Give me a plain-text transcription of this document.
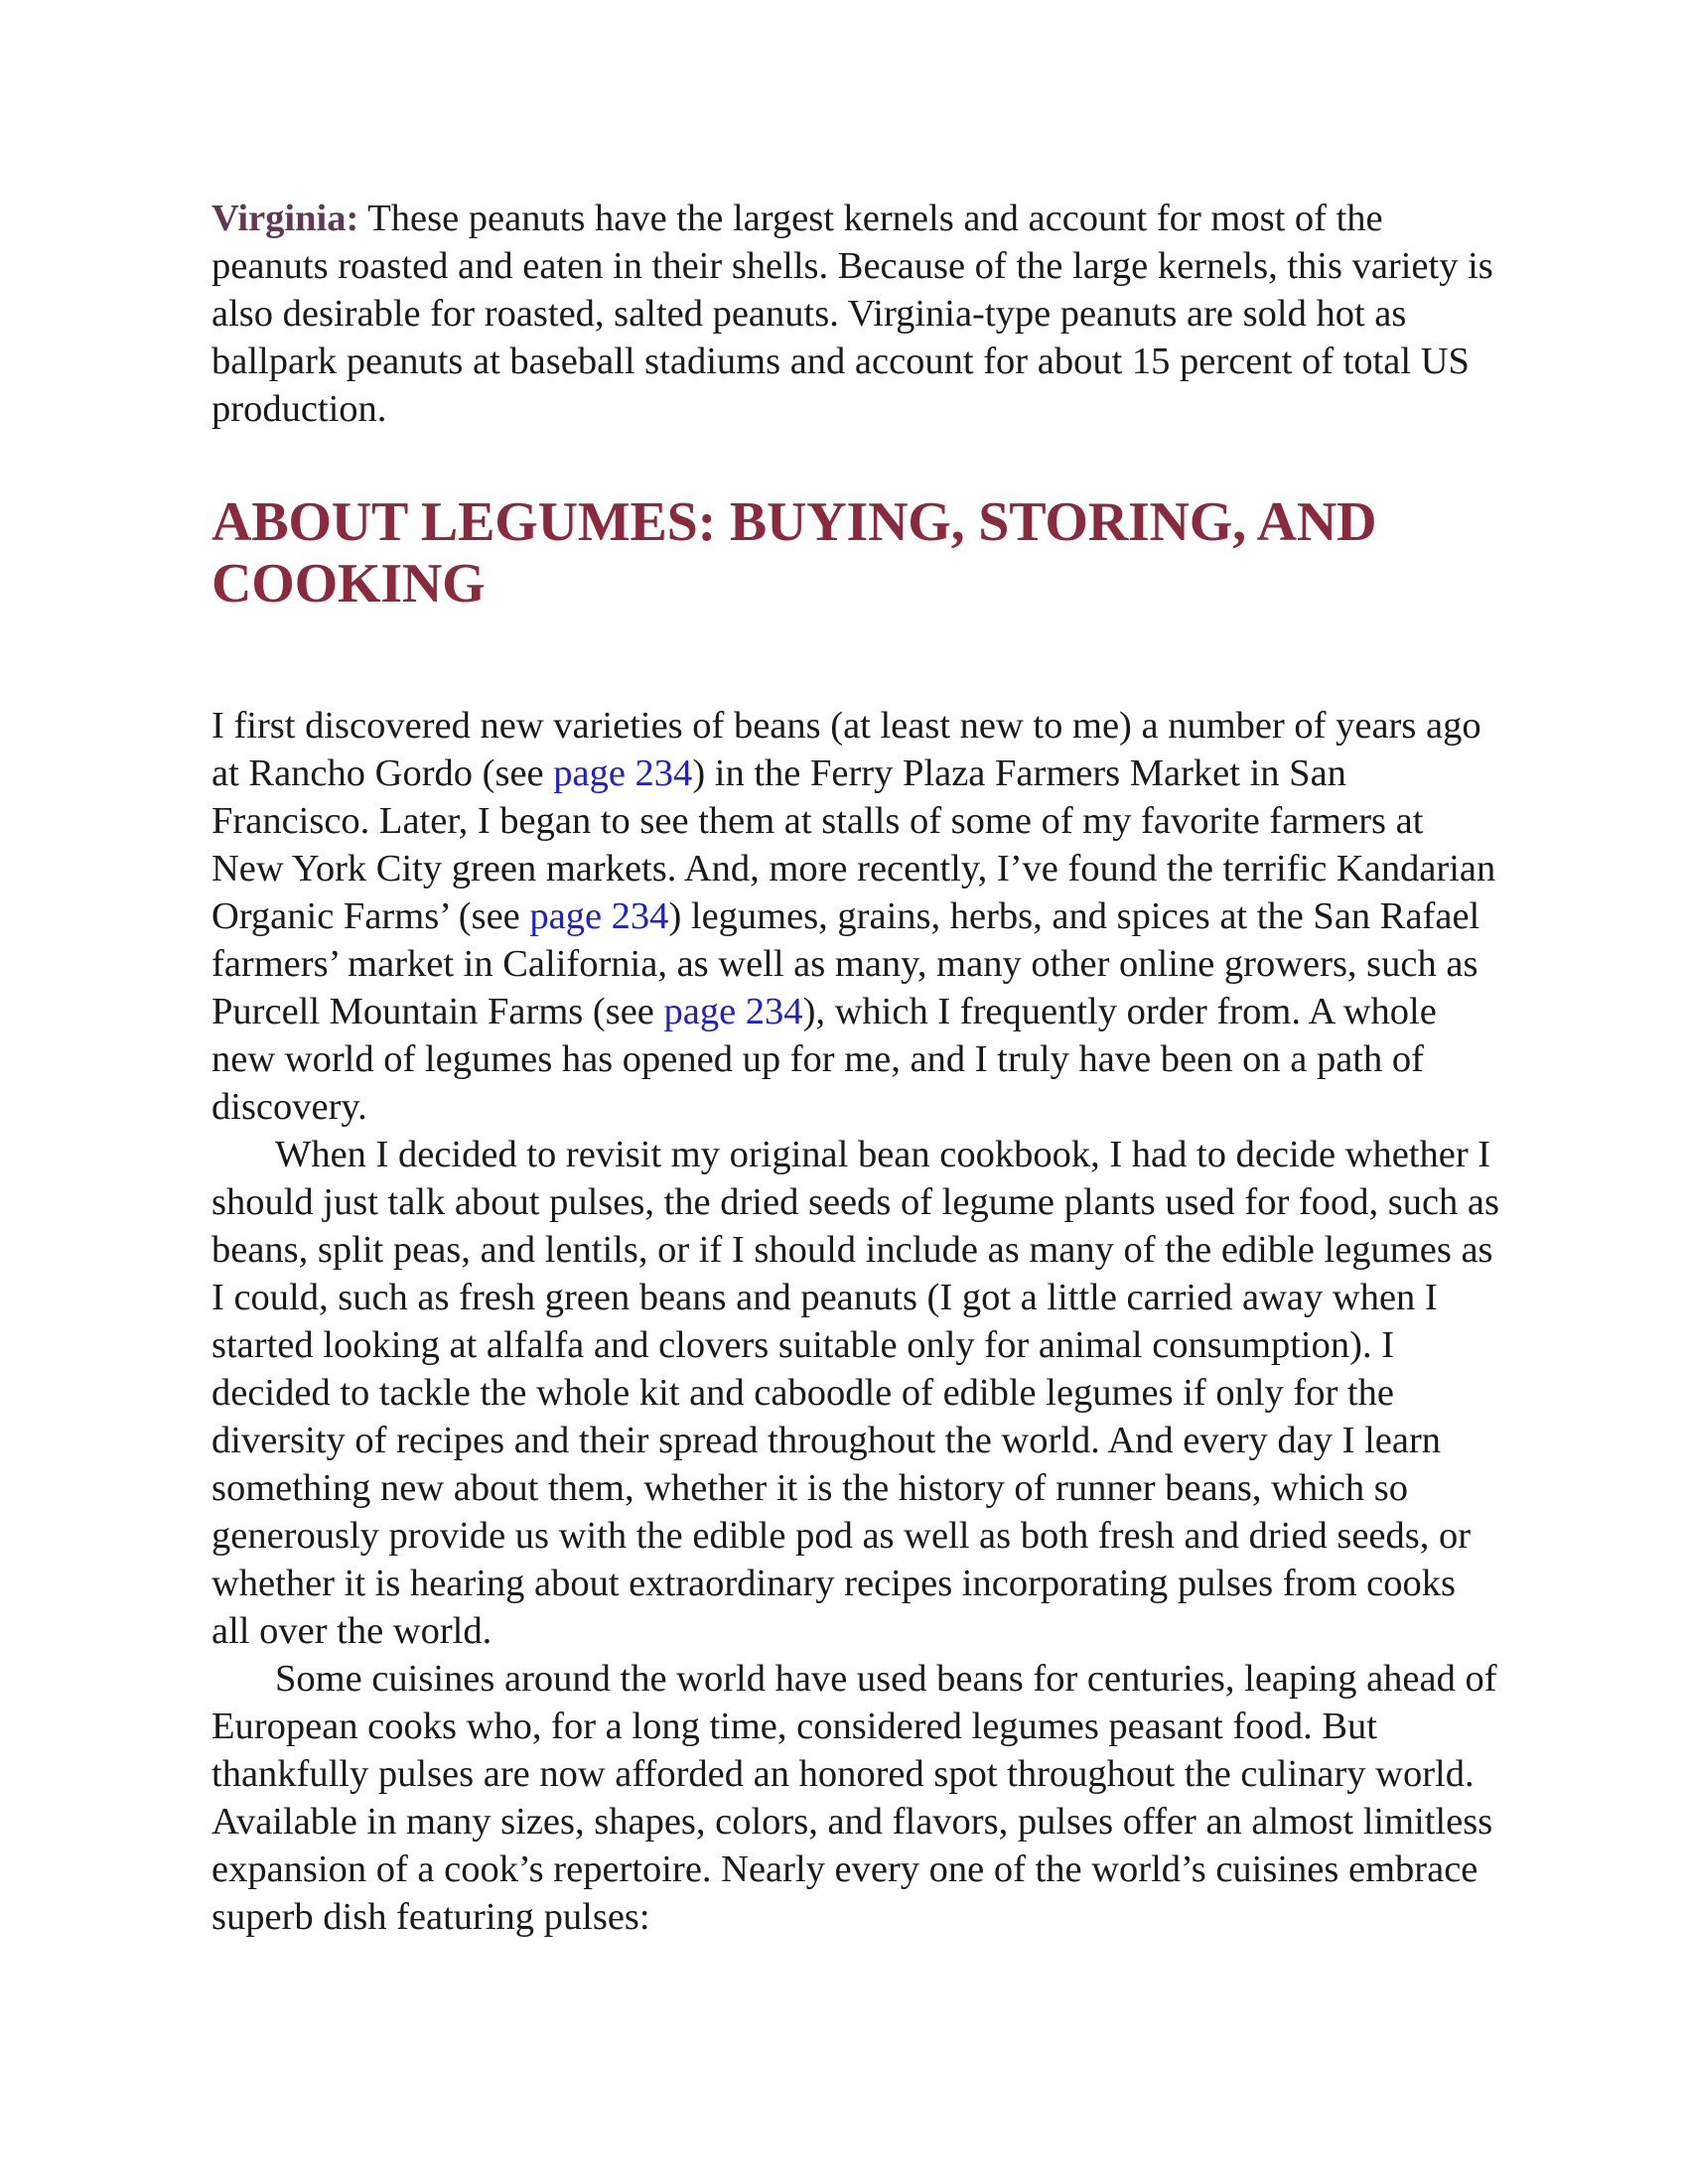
Virginia: These peanuts have the largest kernels and account for most of the peanuts roasted and eaten in their shells. Because of the large kernels, this variety is also desirable for roasted, salted peanuts. Virginia-type peanuts are sold hot as ballpark peanuts at baseball stadiums and account for about 15 percent of total US production.

ABOUT LEGUMES: BUYING, STORING, AND COOKING

I first discovered new varieties of beans (at least new to me) a number of years ago at Rancho Gordo (see page 234) in the Ferry Plaza Farmers Market in San Francisco. Later, I began to see them at stalls of some of my favorite farmers at New York City green markets. And, more recently, I’ve found the terrific Kandarian Organic Farms’ (see page 234) legumes, grains, herbs, and spices at the San Rafael farmers’ market in California, as well as many, many other online growers, such as Purcell Mountain Farms (see page 234), which I frequently order from. A whole new world of legumes has opened up for me, and I truly have been on a path of discovery.

When I decided to revisit my original bean cookbook, I had to decide whether I should just talk about pulses, the dried seeds of legume plants used for food, such as beans, split peas, and lentils, or if I should include as many of the edible legumes as I could, such as fresh green beans and peanuts (I got a little carried away when I started looking at alfalfa and clovers suitable only for animal consumption). I decided to tackle the whole kit and caboodle of edible legumes if only for the diversity of recipes and their spread throughout the world. And every day I learn something new about them, whether it is the history of runner beans, which so generously provide us with the edible pod as well as both fresh and dried seeds, or whether it is hearing about extraordinary recipes incorporating pulses from cooks all over the world.

Some cuisines around the world have used beans for centuries, leaping ahead of European cooks who, for a long time, considered legumes peasant food. But thankfully pulses are now afforded an honored spot throughout the culinary world. Available in many sizes, shapes, colors, and flavors, pulses offer an almost limitless expansion of a cook’s repertoire. Nearly every one of the world’s cuisines embrace superb dish featuring pulses:
